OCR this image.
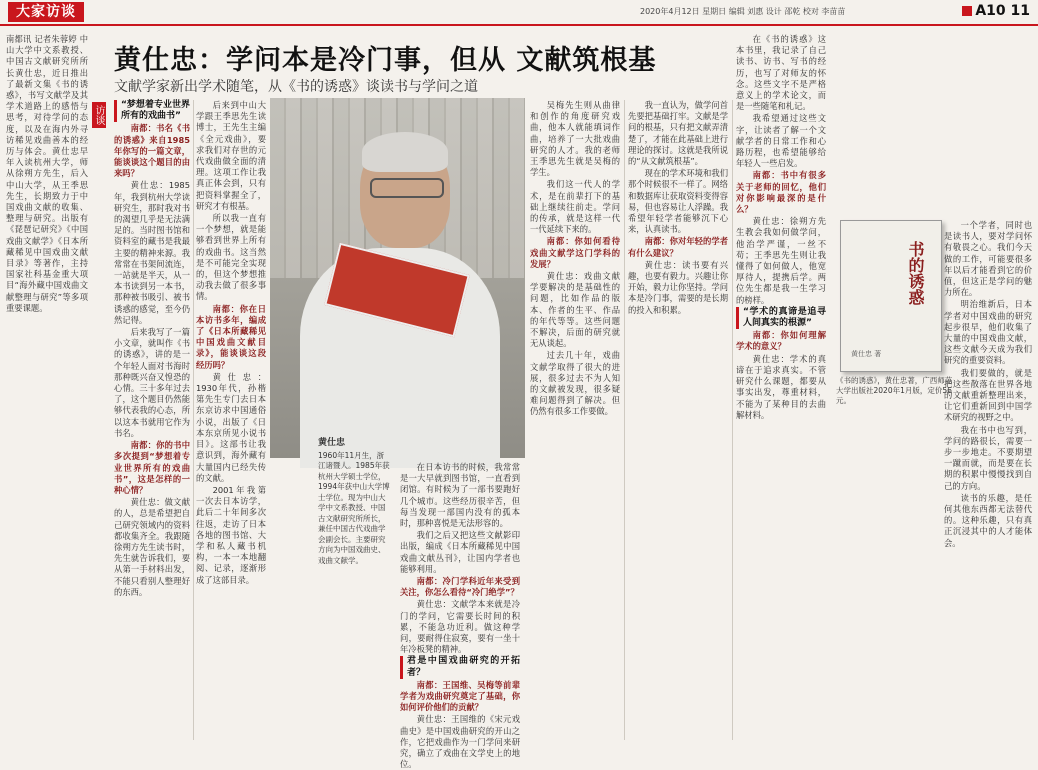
大家访谈	2020年4月12日 星期日 编辑 刘惠 设计 邵乾 校对 李苗苗	A10 11
南都讯 记者朱蓉婷 中山大学中文系教授、中国古文献研究所所长黄仕忠，近日推出了最新文集《书的诱惑》，书写文献学及其学术道路上的感悟与思考，对待学问的态度，以及在海内外寻访稀见戏曲善本的经历与体会。黄仕忠早年入读杭州大学，师从徐朔方先生，后入中山大学，从王季思先生，长期致力于中国戏曲文献的收集、整理与研究。出版有《琵琶记研究》《中国戏曲文献学》《日本所藏稀见中国戏曲文献目录》等著作，主持国家社科基金重大项目“海外藏中国戏曲文献整理与研究”等多项重要课题。
访谈
黄仕忠：学问本是冷门事，但从 文献筑根基
文献学家新出学术随笔，从《书的诱惑》谈读书与学问之道

“梦想着专业世界所有的戏曲书”

南都：书名《书的诱惑》来自1985年你写的一篇文章，能谈谈这个题目的由来吗？

黄仕忠：1985年，我到杭州大学读研究生，那时我对书的渴望几乎是无法满足的。当时图书馆和资料室的藏书是我最主要的精神来源。我常常在书架间流连，一站就是半天，从一本书读到另一本书，那种被书吸引、被书诱惑的感觉，至今仍然记得。

后来我写了一篇小文章，就叫作《书的诱惑》，讲的是一个年轻人面对书海时那种既兴奋又惶恐的心情。三十多年过去了，这个题目仍然能够代表我的心态，所以这本书就用它作为书名。

南都：你的书中多次提到“梦想着专业世界所有的戏曲书”，这是怎样的一种心情？

黄仕忠：做文献的人，总是希望把自己研究领域内的资料都收集齐全。我跟随徐朔方先生读书时，先生就告诉我们，要从第一手材料出发，不能只看别人整理好的东西。

后来到中山大学跟王季思先生读博士，王先生主编《全元戏曲》，要求我们对存世的元代戏曲做全面的清理。这项工作让我真正体会到，只有把资料掌握全了，研究才有根基。

所以我一直有一个梦想，就是能够看到世界上所有的戏曲书。这当然是不可能完全实现的，但这个梦想推动我去做了很多事情。

南都：你在日本访书多年，编成了《日本所藏稀见中国戏曲文献目录》，能谈谈这段经历吗？

黄仕忠：1930年代，孙楷第先生专门去日本东京访求中国通俗小说，出版了《日本东京所见小说书目》。这部书让我意识到，海外藏有大量国内已经失传的文献。

2001年我第一次去日本访学，此后二十年间多次往返，走访了日本各地的图书馆、大学和私人藏书机构，一本一本地翻阅、记录，逐渐形成了这部目录。

黄仕忠
1960年11月生，浙江诸暨人。1985年获杭州大学硕士学位，1994年获中山大学博士学位。现为中山大学中文系教授、中国古文献研究所所长，兼任中国古代戏曲学会副会长。主要研究方向为中国戏曲史、戏曲文献学。

在日本访书的时候，我常常是一大早就到图书馆，一直看到闭馆。有时候为了一部书要跑好几个城市。这些经历很辛苦，但每当发现一部国内没有的孤本时，那种喜悦是无法形容的。

我们之后又把这些文献影印出版，编成《日本所藏稀见中国戏曲文献丛刊》，让国内学者也能够利用。

南都：冷门学科近年来受到关注，你怎么看待“冷门绝学”？

黄仕忠：文献学本来就是冷门的学问，它需要长时间的积累，不能急功近利。做这种学问，要耐得住寂寞，要有一坐十年冷板凳的精神。

君是中国戏曲研究的开拓者？

南都：王国维、吴梅等前辈学者为戏曲研究奠定了基础，你如何评价他们的贡献？

黄仕忠：王国维的《宋元戏曲史》是中国戏曲研究的开山之作，它把戏曲作为一门学问来研究，确立了戏曲在文学史上的地位。

吴梅先生则从曲律和创作的角度研究戏曲，他本人就能填词作曲，培养了一大批戏曲研究的人才。我的老师王季思先生就是吴梅的学生。

我们这一代人的学术，是在前辈打下的基础上继续往前走。学问的传承，就是这样一代一代延续下来的。

南都：你如何看待戏曲文献学这门学科的发展？

黄仕忠：戏曲文献学要解决的是基础性的问题，比如作品的版本、作者的生平、作品的年代等等。这些问题不解决，后面的研究就无从谈起。

过去几十年，戏曲文献学取得了很大的进展，很多过去不为人知的文献被发现，很多疑难问题得到了解决。但仍然有很多工作要做。

我一直认为，做学问首先要把基础打牢。文献是学问的根基，只有把文献弄清楚了，才能在此基础上进行理论的探讨。这就是我所说的“从文献筑根基”。

现在的学术环境和我们那个时候很不一样了。网络和数据库让获取资料变得容易，但也容易让人浮躁。我希望年轻学者能够沉下心来，认真读书。

南都：你对年轻的学者有什么建议？

黄仕忠：读书要有兴趣，也要有毅力。兴趣让你开始，毅力让你坚持。学问本是冷门事，需要的是长期的投入和积累。

在《书的诱惑》这本书里，我记录了自己读书、访书、写书的经历，也写了对师友的怀念。这些文字不是严格意义上的学术论文，而是一些随笔和札记。

我希望通过这些文字，让读者了解一个文献学者的日常工作和心路历程，也希望能够给年轻人一些启发。

南都：书中有很多关于老师的回忆，他们对你影响最深的是什么？

黄仕忠：徐朔方先生教会我如何做学问，他治学严谨，一丝不苟；王季思先生则让我懂得了如何做人，他宽厚待人，提携后学。两位先生都是我一生学习的榜样。

“学术的真谛是追寻人间真实的根源”

南都：你如何理解学术的意义？

黄仕忠：学术的真谛在于追求真实。不管研究什么课题，都要从事实出发，尊重材料，不能为了某种目的去曲解材料。

书的诱惑
黄仕忠 著
《书的诱惑》，黄仕忠著，广西师范大学出版社2020年1月版，定价56元。

一个学者，同时也是读书人，要对学问怀有敬畏之心。我们今天做的工作，可能要很多年以后才能看到它的价值，但这正是学问的魅力所在。

明治维新后，日本学者对中国戏曲的研究起步很早，他们收集了大量的中国戏曲文献，这些文献今天成为我们研究的重要资料。

我们要做的，就是把这些散落在世界各地的文献重新整理出来，让它们重新回到中国学术研究的视野之中。

我在书中也写到，学问的路很长，需要一步一步地走。不要期望一蹴而就，而是要在长期的积累中慢慢找到自己的方向。

读书的乐趣，是任何其他东西都无法替代的。这种乐趣，只有真正沉浸其中的人才能体会。
